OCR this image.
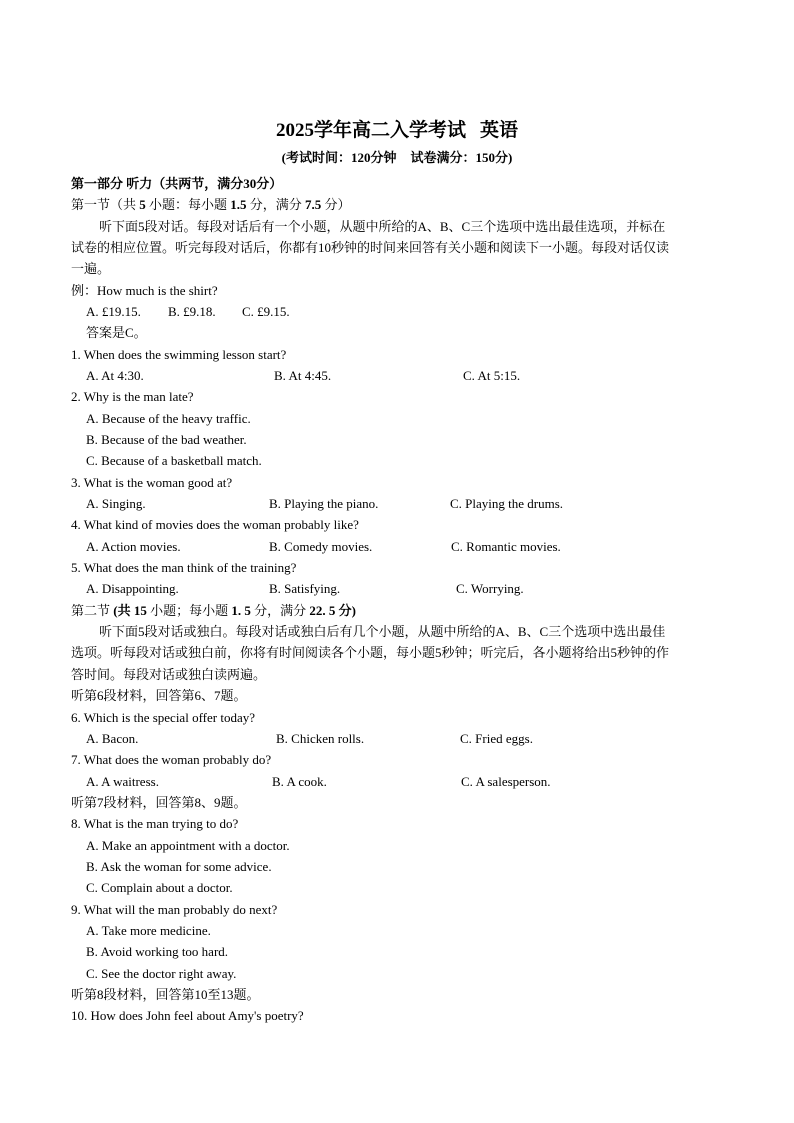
2025学年高二入学考试 英语
(考试时间：120分钟 试卷满分：150分)
第一部分 听力（共两节，满分30分）
第一节（共 5 小题：每小题 1.5 分，满分 7.5 分）
听下面5段对话。每段对话后有一个小题，从题中所给的A、B、C三个选项中选出最佳选项，并标在
试卷的相应位置。听完每段对话后，你都有10秒钟的时间来回答有关小题和阅读下一小题。每段对话仅读
一遍。
例：How much is the shirt?
A. £19.15. B. £9.18. C. £9.15.
答案是C。
1. When does the swimming lesson start?
A. At 4:30.	B. At 4:45.	C. At 5:15.
2. Why is the man late?
A. Because of the heavy traffic.
B. Because of the bad weather.
C. Because of a basketball match.
3. What is the woman good at?
A. Singing.	B. Playing the piano.	C. Playing the drums.
4. What kind of movies does the woman probably like?
A. Action movies.	B. Comedy movies.	C. Romantic movies.
5. What does the man think of the training?
A. Disappointing.	B. Satisfying.	C. Worrying.
第二节 (共 15 小题；每小题 1. 5 分，满分 22. 5 分)
听下面5段对话或独白。每段对话或独白后有几个小题，从题中所给的A、B、C三个选项中选出最佳
选项。听每段对话或独白前，你将有时间阅读各个小题，每小题5秒钟；听完后，各小题将给出5秒钟的作
答时间。每段对话或独白读两遍。
听第6段材料，回答第6、7题。
6. Which is the special offer today?
A. Bacon.	B. Chicken rolls.	C. Fried eggs.
7. What does the woman probably do?
A. A waitress.	B. A cook.	C. A salesperson.
听第7段材料，回答第8、9题。
8. What is the man trying to do?
A. Make an appointment with a doctor.
B. Ask the woman for some advice.
C. Complain about a doctor.
9. What will the man probably do next?
A. Take more medicine.
B. Avoid working too hard.
C. See the doctor right away.
听第8段材料，回答第10至13题。
10. How does John feel about Amy's poetry?
